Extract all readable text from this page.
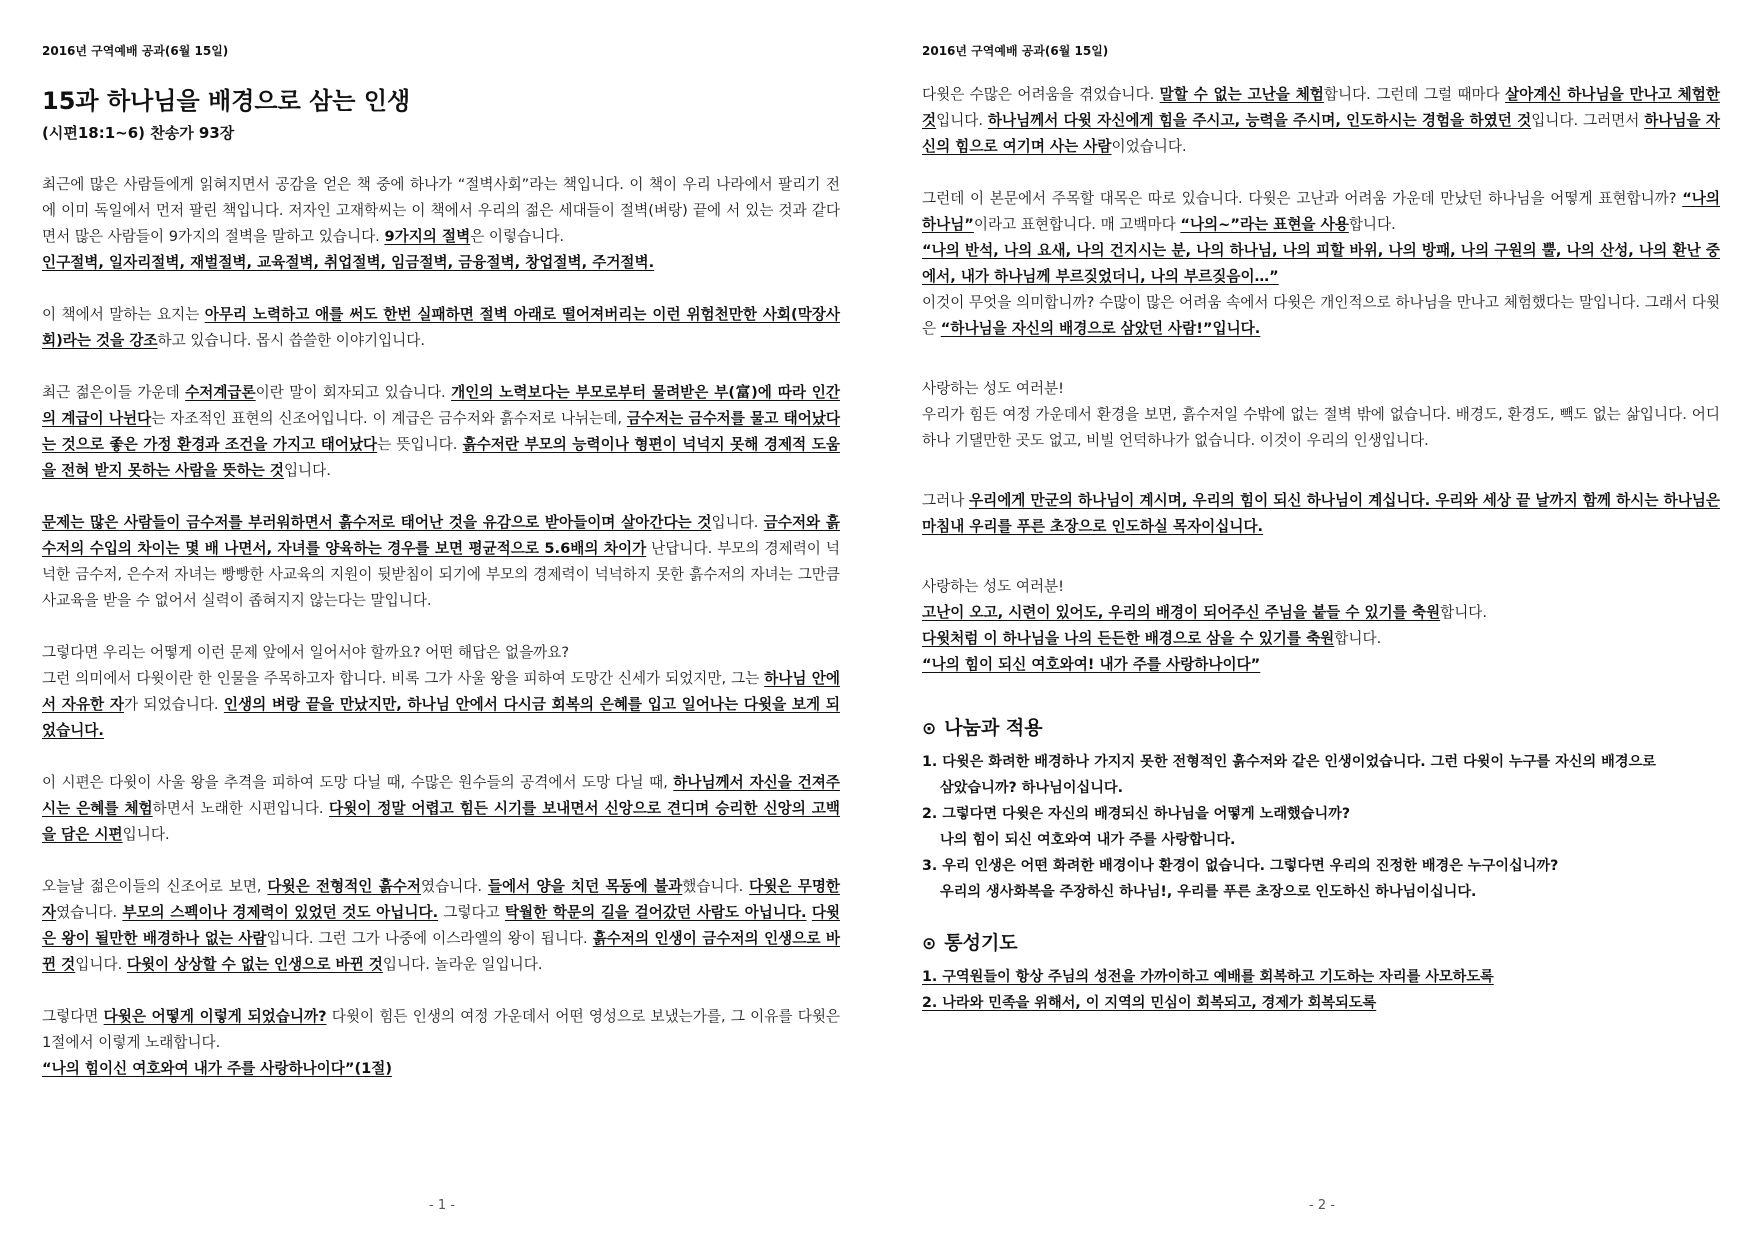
2016년 구역예배 공과(6월 15일)
15과 하나님을 배경으로 삼는 인생
(시편18:1~6) 찬송가 93장
최근에 많은 사람들에게 읽혀지면서 공감을 얻은 책 중에 하나가 “절벽사회”라는 책입니다. 이 책이 우리 나라에서 팔리기 전에 이미 독일에서 먼저 팔린 책입니다. 저자인 고재학씨는 이 책에서 우리의 젊은 세대들이 절벽(벼랑) 끝에 서 있는 것과 같다면서 많은 사람들이 9가지의 절벽을 말하고 있습니다. 9가지의 절벽은 이렇습니다.
인구절벽, 일자리절벽, 재벌절벽, 교육절벽, 취업절벽, 임금절벽, 금융절벽, 창업절벽, 주거절벽.
이 책에서 말하는 요지는 아무리 노력하고 애를 써도 한번 실패하면 절벽 아래로 떨어져버리는 이런 위험천만한 사회(막장사회)라는 것을 강조하고 있습니다. 몹시 씁쓸한 이야기입니다.
최근 젊은이들 가운데 수저계급론이란 말이 회자되고 있습니다. 개인의 노력보다는 부모로부터 물려받은 부(富)에 따라 인간의 계급이 나뉜다는 자조적인 표현의 신조어입니다. 이 계급은 금수저와 흙수저로 나뉘는데, 금수저는 금수저를 물고 태어났다는 것으로 좋은 가정 환경과 조건을 가지고 태어났다는 뜻입니다. 흙수저란 부모의 능력이나 형편이 넉넉지 못해 경제적 도움을 전혀 받지 못하는 사람을 뜻하는 것입니다.
문제는 많은 사람들이 금수저를 부러워하면서 흙수저로 태어난 것을 유감으로 받아들이며 살아간다는 것입니다. 금수저와 흙수저의 수입의 차이는 몇 배 나면서, 자녀를 양육하는 경우를 보면 평균적으로 5.6배의 차이가 난답니다. 부모의 경제력이 넉넉한 금수저, 은수저 자녀는 빵빵한 사교육의 지원이 뒷받침이 되기에 부모의 경제력이 넉넉하지 못한 흙수저의 자녀는 그만큼 사교육을 받을 수 없어서 실력이 좁혀지지 않는다는 말입니다.
그렇다면 우리는 어떻게 이런 문제 앞에서 일어서야 할까요? 어떤 해답은 없을까요?
그런 의미에서 다윗이란 한 인물을 주목하고자 합니다. 비록 그가 사울 왕을 피하여 도망간 신세가 되었지만, 그는 하나님 안에서 자유한 자가 되었습니다. 인생의 벼랑 끝을 만났지만, 하나님 안에서 다시금 회복의 은혜를 입고 일어나는 다윗을 보게 되었습니다.
이 시편은 다윗이 사울 왕을 추격을 피하여 도망 다닐 때, 수많은 원수들의 공격에서 도망 다닐 때, 하나님께서 자신을 건져주시는 은혜를 체험하면서 노래한 시편입니다. 다윗이 정말 어렵고 힘든 시기를 보내면서 신앙으로 견디며 승리한 신앙의 고백을 담은 시편입니다.
오늘날 젊은이들의 신조어로 보면, 다윗은 전형적인 흙수저였습니다. 들에서 양을 치던 목동에 불과했습니다. 다윗은 무명한 자였습니다. 부모의 스펙이나 경제력이 있었던 것도 아닙니다. 그렇다고 탁월한 학문의 길을 걸어갔던 사람도 아닙니다. 다윗은 왕이 될만한 배경하나 없는 사람입니다. 그런 그가 나중에 이스라엘의 왕이 됩니다. 흙수저의 인생이 금수저의 인생으로 바뀐 것입니다. 다윗이 상상할 수 없는 인생으로 바뀐 것입니다. 놀라운 일입니다.
그렇다면 다윗은 어떻게 이렇게 되었습니까? 다윗이 힘든 인생의 여정 가운데서 어떤 영성으로 보냈는가를, 그 이유를 다윗은 1절에서 이렇게 노래합니다.
“나의 힘이신 여호와여 내가 주를 사랑하나이다”(1절)
- 1 -
2016년 구역예배 공과(6월 15일)
다윗은 수많은 어려움을 겪었습니다. 말할 수 없는 고난을 체험합니다. 그런데 그럴 때마다 살아계신 하나님을 만나고 체험한 것입니다. 하나님께서 다윗 자신에게 힘을 주시고, 능력을 주시며, 인도하시는 경험을 하였던 것입니다. 그러면서 하나님을 자신의 힘으로 여기며 사는 사람이었습니다.
그런데 이 본문에서 주목할 대목은 따로 있습니다. 다윗은 고난과 어려움 가운데 만났던 하나님을 어떻게 표현합니까? “나의 하나님”이라고 표현합니다. 매 고백마다 “나의~”라는 표현을 사용합니다.
“나의 반석, 나의 요새, 나의 건지시는 분, 나의 하나님, 나의 피할 바위, 나의 방패, 나의 구원의 뿔, 나의 산성, 나의 환난 중에서, 내가 하나님께 부르짖었더니, 나의 부르짖음이…”
이것이 무엇을 의미합니까? 수많이 많은 어려움 속에서 다윗은 개인적으로 하나님을 만나고 체험했다는 말입니다. 그래서 다윗은 “하나님을 자신의 배경으로 삼았던 사람!”입니다.
사랑하는 성도 여러분!
우리가 힘든 여정 가운데서 환경을 보면, 흙수저일 수밖에 없는 절벽 밖에 없습니다. 배경도, 환경도, 빽도 없는 삶입니다. 어디 하나 기댈만한 곳도 없고, 비빌 언덕하나가 없습니다. 이것이 우리의 인생입니다.
그러나 우리에게 만군의 하나님이 계시며, 우리의 힘이 되신 하나님이 계십니다. 우리와 세상 끝 날까지 함께 하시는 하나님은 마침내 우리를 푸른 초장으로 인도하실 목자이십니다.
사랑하는 성도 여러분!
고난이 오고, 시련이 있어도, 우리의 배경이 되어주신 주님을 붙들 수 있기를 축원합니다.
다윗처럼 이 하나님을 나의 든든한 배경으로 삼을 수 있기를 축원합니다.
“나의 힘이 되신 여호와여! 내가 주를 사랑하나이다”
⊙ 나눔과 적용
1. 다윗은 화려한 배경하나 가지지 못한 전형적인 흙수저와 같은 인생이었습니다. 그런 다윗이 누구를 자신의 배경으로
삼았습니까? 하나님이십니다.
2. 그렇다면 다윗은 자신의 배경되신 하나님을 어떻게 노래했습니까?
나의 힘이 되신 여호와여 내가 주를 사랑합니다.
3. 우리 인생은 어떤 화려한 배경이나 환경이 없습니다. 그렇다면 우리의 진정한 배경은 누구이십니까?
우리의 생사화복을 주장하신 하나님!, 우리를 푸른 초장으로 인도하신 하나님이십니다.
⊙ 통성기도
1. 구역원들이 항상 주님의 성전을 가까이하고 예배를 회복하고 기도하는 자리를 사모하도록
2. 나라와 민족을 위해서, 이 지역의 민심이 회복되고, 경제가 회복되도록
- 2 -
